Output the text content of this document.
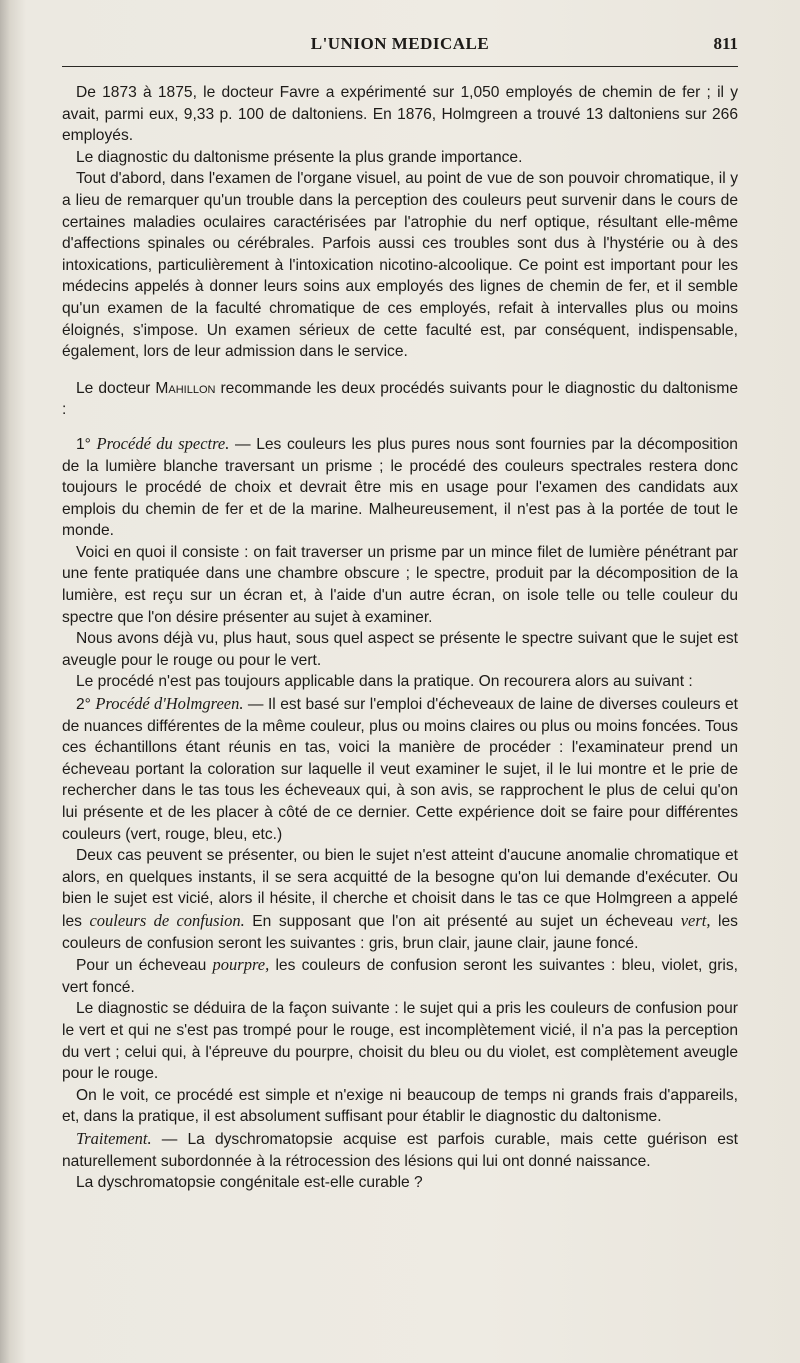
L'UNION MEDICALE	811

De 1873 à 1875, le docteur Favre a expérimenté sur 1,050 employés de chemin de fer ; il y avait, parmi eux, 9,33 p. 100 de daltoniens. En 1876, Holmgreen a trouvé 13 daltoniens sur 266 employés.

Le diagnostic du daltonisme présente la plus grande importance.

Tout d'abord, dans l'examen de l'organe visuel, au point de vue de son pouvoir chromatique, il y a lieu de remarquer qu'un trouble dans la perception des couleurs peut survenir dans le cours de certaines maladies oculaires caractérisées par l'atrophie du nerf optique, résultant elle-même d'affections spinales ou cérébrales. Parfois aussi ces troubles sont dus à l'hystérie ou à des intoxications, particulièrement à l'intoxication nicotino-alcoolique. Ce point est important pour les médecins appelés à donner leurs soins aux employés des lignes de chemin de fer, et il semble qu'un examen de la faculté chromatique de ces employés, refait à intervalles plus ou moins éloignés, s'impose. Un examen sérieux de cette faculté est, par conséquent, indispensable, également, lors de leur admission dans le service.

Le docteur Mahillon recommande les deux procédés suivants pour le diagnostic du daltonisme :

1° Procédé du spectre. — Les couleurs les plus pures nous sont fournies par la décomposition de la lumière blanche traversant un prisme ; le procédé des couleurs spectrales restera donc toujours le procédé de choix et devrait être mis en usage pour l'examen des candidats aux emplois du chemin de fer et de la marine. Malheureusement, il n'est pas à la portée de tout le monde.

Voici en quoi il consiste : on fait traverser un prisme par un mince filet de lumière pénétrant par une fente pratiquée dans une chambre obscure ; le spectre, produit par la décomposition de la lumière, est reçu sur un écran et, à l'aide d'un autre écran, on isole telle ou telle couleur du spectre que l'on désire présenter au sujet à examiner.

Nous avons déjà vu, plus haut, sous quel aspect se présente le spectre suivant que le sujet est aveugle pour le rouge ou pour le vert.

Le procédé n'est pas toujours applicable dans la pratique. On recourera alors au suivant :

2° Procédé d'Holmgreen. — Il est basé sur l'emploi d'écheveaux de laine de diverses couleurs et de nuances différentes de la même couleur, plus ou moins claires ou plus ou moins foncées. Tous ces échantillons étant réunis en tas, voici la manière de procéder : l'examinateur prend un écheveau portant la coloration sur laquelle il veut examiner le sujet, il le lui montre et le prie de rechercher dans le tas tous les écheveaux qui, à son avis, se rapprochent le plus de celui qu'on lui présente et de les placer à côté de ce dernier. Cette expérience doit se faire pour différentes couleurs (vert, rouge, bleu, etc.)

Deux cas peuvent se présenter, ou bien le sujet n'est atteint d'aucune anomalie chromatique et alors, en quelques instants, il se sera acquitté de la besogne qu'on lui demande d'exécuter. Ou bien le sujet est vicié, alors il hésite, il cherche et choisit dans le tas ce que Holmgreen a appelé les couleurs de confusion. En supposant que l'on ait présenté au sujet un écheveau vert, les couleurs de confusion seront les suivantes : gris, brun clair, jaune clair, jaune foncé.

Pour un écheveau pourpre, les couleurs de confusion seront les suivantes : bleu, violet, gris, vert foncé.

Le diagnostic se déduira de la façon suivante : le sujet qui a pris les couleurs de confusion pour le vert et qui ne s'est pas trompé pour le rouge, est incomplètement vicié, il n'a pas la perception du vert ; celui qui, à l'épreuve du pourpre, choisit du bleu ou du violet, est complètement aveugle pour le rouge.

On le voit, ce procédé est simple et n'exige ni beaucoup de temps ni grands frais d'appareils, et, dans la pratique, il est absolument suffisant pour établir le diagnostic du daltonisme.

Traitement. — La dyschromatopsie acquise est parfois curable, mais cette guérison est naturellement subordonnée à la rétrocession des lésions qui lui ont donné naissance.

La dyschromatopsie congénitale est-elle curable ?
